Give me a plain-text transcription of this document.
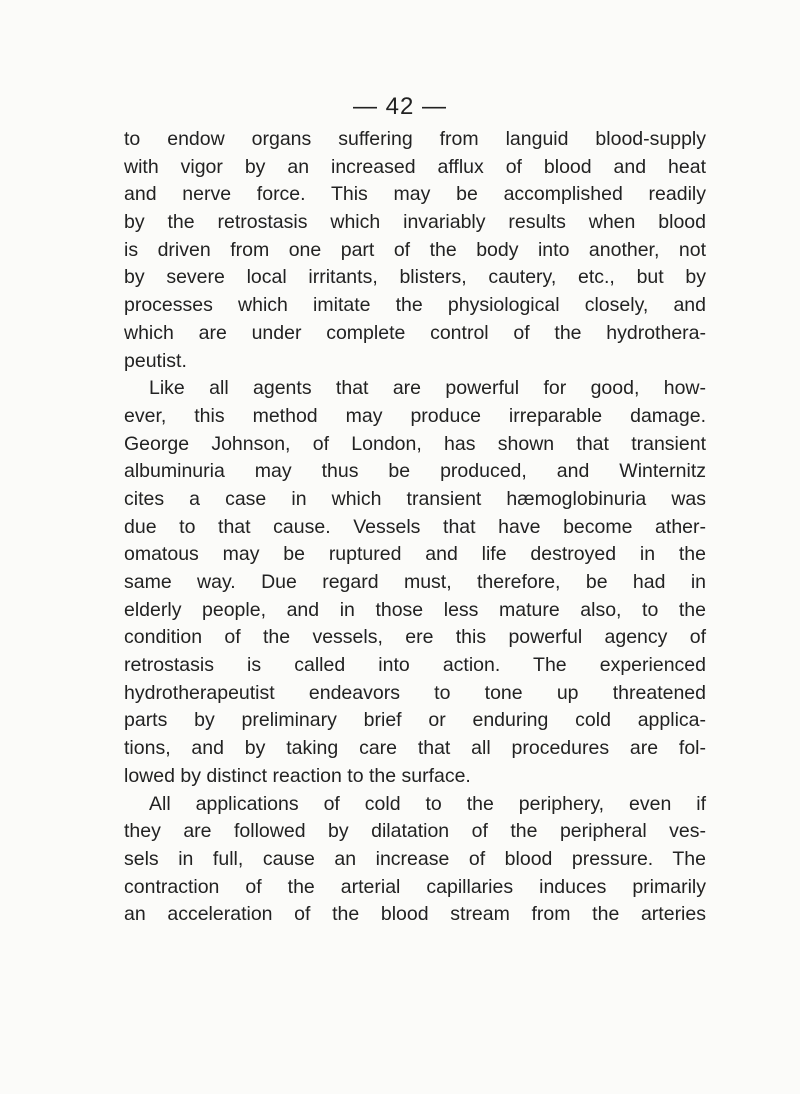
— 42 —
to endow organs suffering from languid blood-supply
with vigor by an increased afflux of blood and heat
and nerve force. This may be accomplished readily
by the retrostasis which invariably results when blood
is driven from one part of the body into another, not
by severe local irritants, blisters, cautery, etc., but by
processes which imitate the physiological closely, and
which are under complete control of the hydrothera-
peutist.
Like all agents that are powerful for good, how-
ever, this method may produce irreparable damage.
George Johnson, of London, has shown that transient
albuminuria may thus be produced, and Winternitz
cites a case in which transient hæmoglobinuria was
due to that cause. Vessels that have become ather-
omatous may be ruptured and life destroyed in the
same way. Due regard must, therefore, be had in
elderly people, and in those less mature also, to the
condition of the vessels, ere this powerful agency of
retrostasis is called into action. The experienced
hydrotherapeutist endeavors to tone up threatened
parts by preliminary brief or enduring cold applica-
tions, and by taking care that all procedures are fol-
lowed by distinct reaction to the surface.
All applications of cold to the periphery, even if
they are followed by dilatation of the peripheral ves-
sels in full, cause an increase of blood pressure. The
contraction of the arterial capillaries induces primarily
an acceleration of the blood stream from the arteries
